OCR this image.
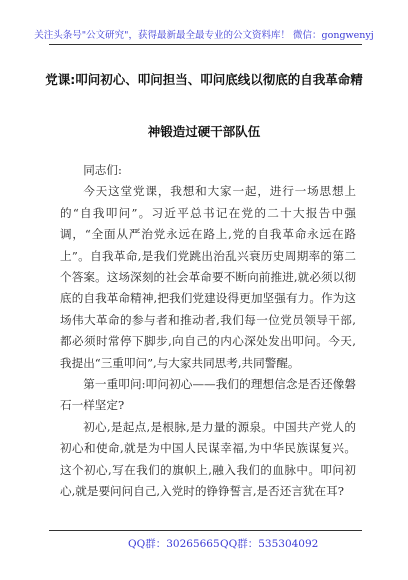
关注头条号"公文研究"，获得最新最全最专业的公文资料库！ 微信：gongwenyj
党课:叩问初心、叩问担当、叩问底线以彻底的自我革命精
神锻造过硬干部队伍

同志们:

今天这堂党课，我想和大家一起，进行一场思想上的“自我叩问”。习近平总书记在党的二十大报告中强调，“全面从严治党永远在路上,党的自我革命永远在路上”。自我革命,是我们党跳出治乱兴衰历史周期率的第二个答案。这场深刻的社会革命要不断向前推进,就必须以彻底的自我革命精神,把我们党建设得更加坚强有力。作为这场伟大革命的参与者和推动者,我们每一位党员领导干部,都必须时常停下脚步,向自己的内心深处发出叩问。今天,我提出“三重叩问”,与大家共同思考,共同警醒。

第一重叩问:叩问初心——我们的理想信念是否还像磐石一样坚定?

初心,是起点,是根脉,是力量的源泉。中国共产党人的初心和使命,就是为中国人民谋幸福,为中华民族谋复兴。这个初心,写在我们的旗帜上,融入我们的血脉中。叩问初心,就是要问问自己,入党时的铮铮誓言,是否还言犹在耳?

QQ群：30265665 QQ群：535304092
